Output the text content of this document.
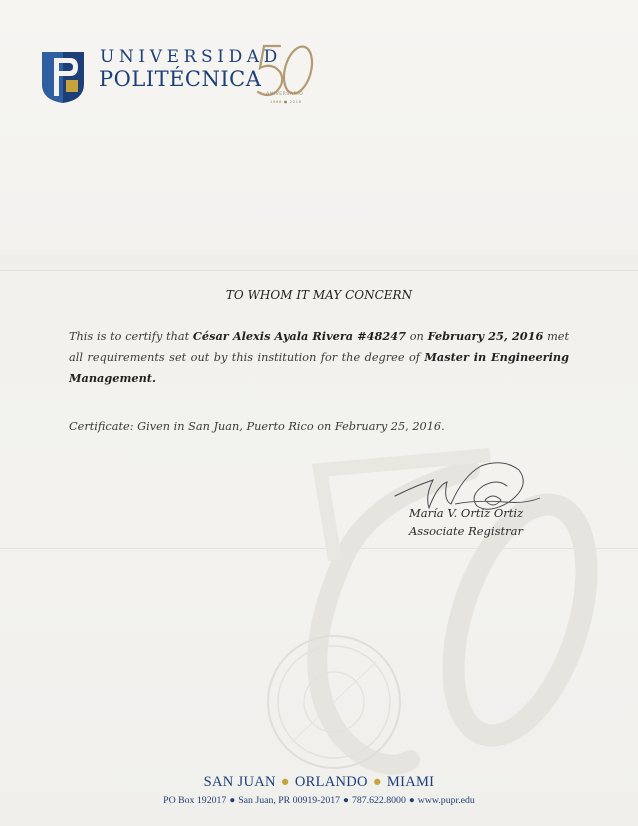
UNIVERSIDAD
POLITÉCNICA
ANIVERSARIO
1966 ● 2016
TO WHOM IT MAY CONCERN
This is to certify that César Alexis Ayala Rivera #48247 on February 25, 2016 met all requirements set out by this institution for the degree of Master in Engineering Management.
Certificate: Given in San Juan, Puerto Rico on February 25, 2016.
María V. Ortiz Ortiz
Associate Registrar
SAN JUAN ● ORLANDO ● MIAMI
PO Box 192017 ● San Juan, PR 00919-2017 ● 787.622.8000 ● www.pupr.edu
